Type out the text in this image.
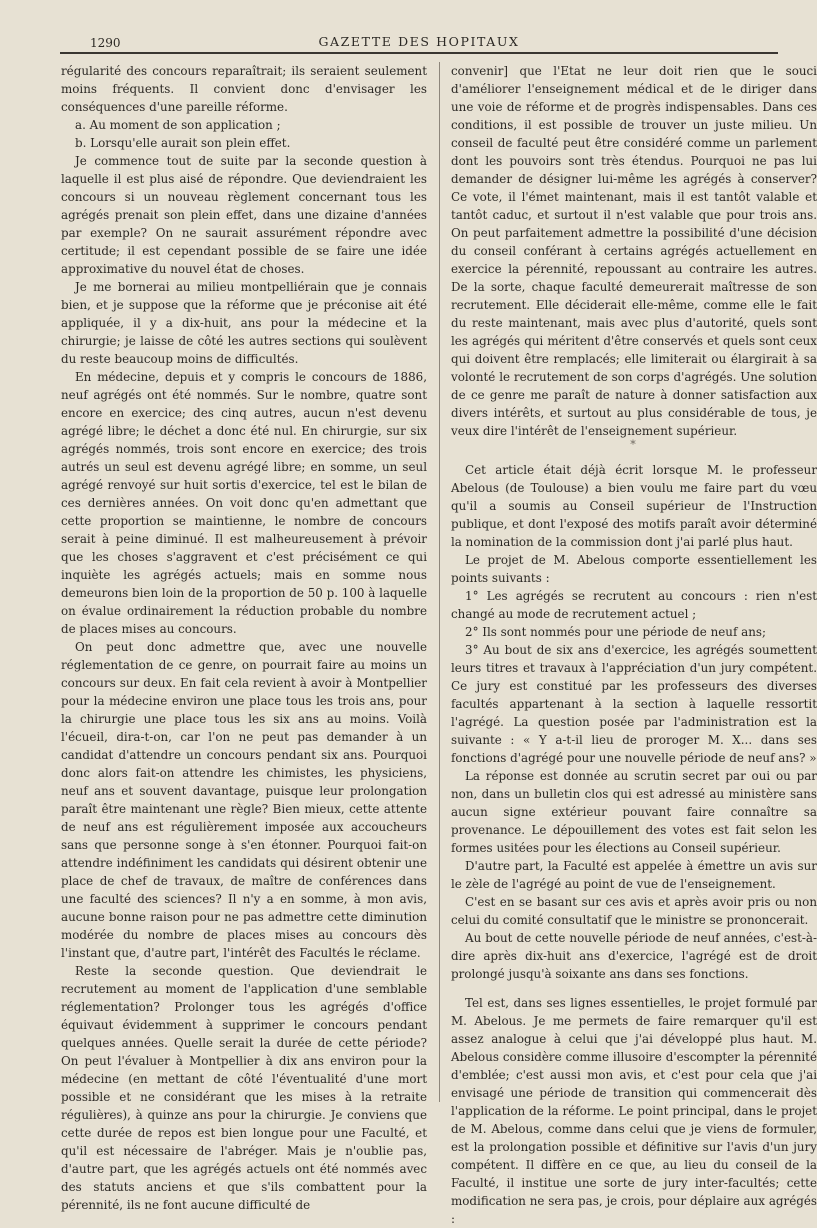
1290	GAZETTE DES HOPITAUX

régularité des concours reparaîtrait; ils seraient seulement moins fréquents. Il convient donc d'envisager les conséquences d'une pareille réforme.

a. Au moment de son application ;

b. Lorsqu'elle aurait son plein effet.

Je commence tout de suite par la seconde question à laquelle il est plus aisé de répondre. Que deviendraient les concours si un nouveau règlement concernant tous les agrégés prenait son plein effet, dans une dizaine d'années par exemple? On ne saurait assurément répondre avec certitude; il est cependant possible de se faire une idée approximative du nouvel état de choses.

Je me bornerai au milieu montpelliérain que je connais bien, et je suppose que la réforme que je préconise ait été appliquée, il y a dix-huit, ans pour la médecine et la chirurgie; je laisse de côté les autres sections qui soulèvent du reste beaucoup moins de difficultés.

En médecine, depuis et y compris le concours de 1886, neuf agrégés ont été nommés. Sur le nombre, quatre sont encore en exercice; des cinq autres, aucun n'est devenu agrégé libre; le déchet a donc été nul. En chirurgie, sur six agrégés nommés, trois sont encore en exercice; des trois autrés un seul est devenu agrégé libre; en somme, un seul agrégé renvoyé sur huit sortis d'exercice, tel est le bilan de ces dernières années. On voit donc qu'en admettant que cette proportion se maintienne, le nombre de concours serait à peine diminué. Il est malheureusement à prévoir que les choses s'aggravent et c'est précisément ce qui inquiète les agrégés actuels; mais en somme nous demeurons bien loin de la proportion de 50 p. 100 à laquelle on évalue ordinairement la réduction probable du nombre de places mises au concours.

On peut donc admettre que, avec une nouvelle réglementation de ce genre, on pourrait faire au moins un concours sur deux. En fait cela revient à avoir à Montpellier pour la médecine environ une place tous les trois ans, pour la chirurgie une place tous les six ans au moins. Voilà l'écueil, dira-t-on, car l'on ne peut pas demander à un candidat d'attendre un concours pendant six ans. Pourquoi donc alors fait-on attendre les chimistes, les physiciens, neuf ans et souvent davantage, puisque leur prolongation paraît être maintenant une règle? Bien mieux, cette attente de neuf ans est régulièrement imposée aux accoucheurs sans que personne songe à s'en étonner. Pourquoi fait-on attendre indéfiniment les candidats qui désirent obtenir une place de chef de travaux, de maître de conférences dans une faculté des sciences? Il n'y a en somme, à mon avis, aucune bonne raison pour ne pas admettre cette diminution modérée du nombre de places mises au concours dès l'instant que, d'autre part, l'intérêt des Facultés le réclame.

Reste la seconde question. Que deviendrait le recrutement au moment de l'application d'une semblable réglementation? Prolonger tous les agrégés d'office équivaut évidemment à supprimer le concours pendant quelques années. Quelle serait la durée de cette période? On peut l'évaluer à Montpellier à dix ans environ pour la médecine (en mettant de côté l'éventualité d'une mort possible et ne considérant que les mises à la retraite régulières), à quinze ans pour la chirurgie. Je conviens que cette durée de repos est bien longue pour une Faculté, et qu'il est nécessaire de l'abréger. Mais je n'oublie pas, d'autre part, que les agrégés actuels ont été nommés avec des statuts anciens et que s'ils combattent pour la pérennité, ils ne font aucune difficulté de

convenir] que l'Etat ne leur doit rien que le souci d'améliorer l'enseignement médical et de le diriger dans une voie de réforme et de progrès indispensables. Dans ces conditions, il est possible de trouver un juste milieu. Un conseil de faculté peut être considéré comme un parlement dont les pouvoirs sont très étendus. Pourquoi ne pas lui demander de désigner lui-même les agrégés à conserver? Ce vote, il l'émet maintenant, mais il est tantôt valable et tantôt caduc, et surtout il n'est valable que pour trois ans. On peut parfaitement admettre la possibilité d'une décision du conseil conférant à certains agrégés actuellement en exercice la pérennité, repoussant au contraire les autres. De la sorte, chaque faculté demeurerait maîtresse de son recrutement. Elle déciderait elle-même, comme elle le fait du reste maintenant, mais avec plus d'autorité, quels sont les agrégés qui méritent d'être conservés et quels sont ceux qui doivent être remplacés; elle limiterait ou élargirait à sa volonté le recrutement de son corps d'agrégés. Une solution de ce genre me paraît de nature à donner satisfaction aux divers intérêts, et surtout au plus considérable de tous, je veux dire l'intérêt de l'enseignement supérieur.

*

Cet article était déjà écrit lorsque M. le professeur Abelous (de Toulouse) a bien voulu me faire part du vœu qu'il a soumis au Conseil supérieur de l'Instruction publique, et dont l'exposé des motifs paraît avoir déterminé la nomination de la commission dont j'ai parlé plus haut.

Le projet de M. Abelous comporte essentiellement les points suivants :

1° Les agrégés se recrutent au concours : rien n'est changé au mode de recrutement actuel ;

2° Ils sont nommés pour une période de neuf ans;

3° Au bout de six ans d'exercice, les agrégés soumettent leurs titres et travaux à l'appréciation d'un jury compétent. Ce jury est constitué par les professeurs des diverses facultés appartenant à la section à laquelle ressortit l'agrégé. La question posée par l'administration est la suivante : « Y a-t-il lieu de proroger M. X... dans ses fonctions d'agrégé pour une nouvelle période de neuf ans? »

La réponse est donnée au scrutin secret par oui ou par non, dans un bulletin clos qui est adressé au ministère sans aucun signe extérieur pouvant faire connaître sa provenance. Le dépouillement des votes est fait selon les formes usitées pour les élections au Conseil supérieur.

D'autre part, la Faculté est appelée à émettre un avis sur le zèle de l'agrégé au point de vue de l'enseignement.

C'est en se basant sur ces avis et après avoir pris ou non celui du comité consultatif que le ministre se prononcerait.

Au bout de cette nouvelle période de neuf années, c'est-à-dire après dix-huit ans d'exercice, l'agrégé est de droit prolongé jusqu'à soixante ans dans ses fonctions.

Tel est, dans ses lignes essentielles, le projet formulé par M. Abelous. Je me permets de faire remarquer qu'il est assez analogue à celui que j'ai développé plus haut. M. Abelous considère comme illusoire d'escompter la pérennité d'emblée; c'est aussi mon avis, et c'est pour cela que j'ai envisagé une période de transition qui commencerait dès l'application de la réforme. Le point principal, dans le projet de M. Abelous, comme dans celui que je viens de formuler, est la prolongation possible et définitive sur l'avis d'un jury compétent. Il diffère en ce que, au lieu du conseil de la Faculté, il institue une sorte de jury inter-facultés; cette modification ne sera pas, je crois, pour déplaire aux agrégés :
